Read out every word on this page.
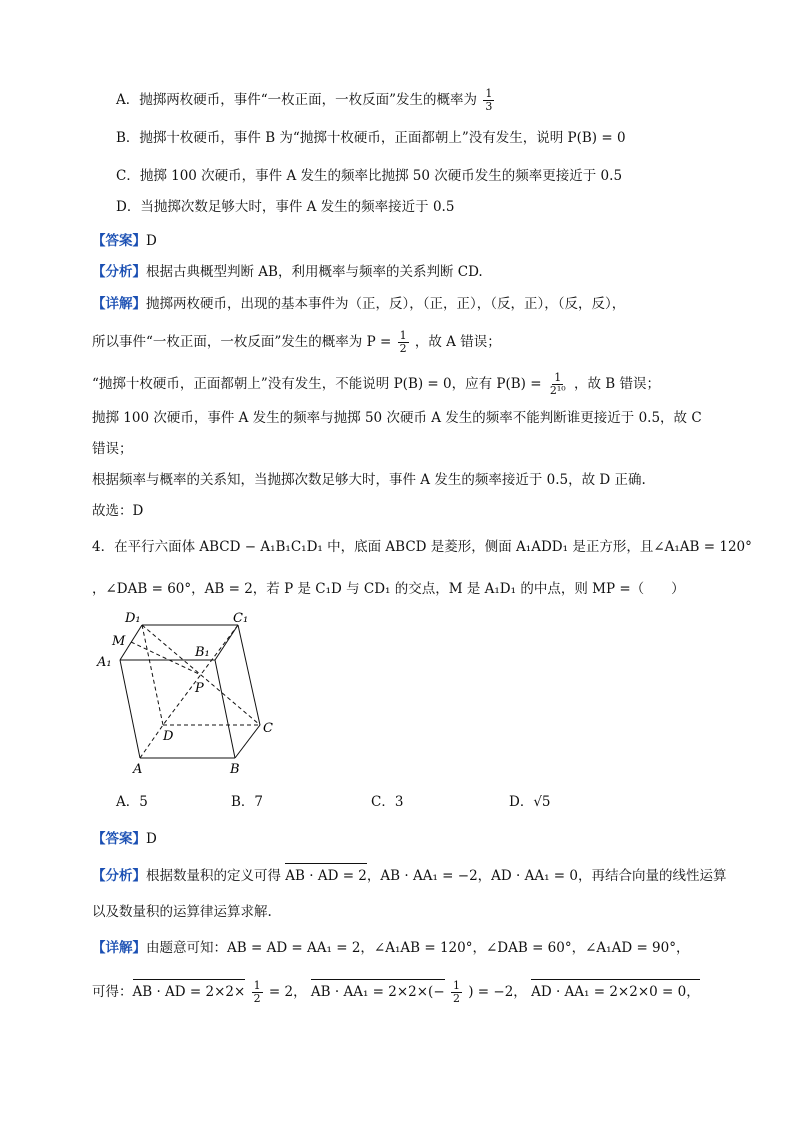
A．抛掷两枚硬币，事件“一枚正面，一枚反面”发生的概率为 $\frac{1}{3}$
B．抛掷十枚硬币，事件 B 为“抛掷十枚硬币，正面都朝上”没有发生，说明 P(B) = 0
C．抛掷 100 次硬币，事件 A 发生的频率比抛掷 50 次硬币发生的频率更接近于 0.5
D．当抛掷次数足够大时，事件 A 发生的频率接近于 0.5
【答案】D
【分析】根据古典概型判断 AB，利用概率与频率的关系判断 CD.
【详解】抛掷两枚硬币，出现的基本事件为（正，反），（正，正），（反，正），（反，反），
所以事件“一枚正面，一枚反面”发生的概率为 $P = \frac{1}{2}$ ，故 A 错误；
“抛掷十枚硬币，正面都朝上”没有发生，不能说明 P(B) = 0，应有 $P(B) = \frac{1}{\text{2¹⁰}}$ ，故 B 错误；
抛掷 100 次硬币，事件 A 发生的频率与抛掷 50 次硬币 A 发生的频率不能判断谁更接近于 0.5，故 C
错误；
根据频率与概率的关系知，当抛掷次数足够大时，事件 A 发生的频率接近于 0.5，故 D 正确.
故选：D
4．在平行六面体 ABCD − A₁B₁C₁D₁ 中，底面 ABCD 是菱形，侧面 A₁ADD₁ 是正方形，且∠A₁AB = 120°
，∠DAB = 60°，AB = 2，若 P 是 C₁D 与 CD₁ 的交点，M 是 A₁D₁ 的中点，则 MP =（　　）
D₁	C₁
M
B₁
A₁
P
D
C
A	B
A．5	B．7	C．3	D．√5
【答案】D
【分析】根据数量积的定义可得 AB · AD = 2，AB · AA₁ = −2，AD · AA₁ = 0，再结合向量的线性运算
以及数量积的运算律运算求解.
【详解】由题意可知：AB = AD = AA₁ = 2，∠A₁AB = 120°，∠DAB = 60°，∠A₁AD = 90°，
可得：AB · AD = $2\times 2\times \frac{1}{2} = 2$， AB · $AA_1 = 2\times 2\times(- \frac{1}{2}$ ) = −2， AD · AA₁ = 2×2×0 = 0，
